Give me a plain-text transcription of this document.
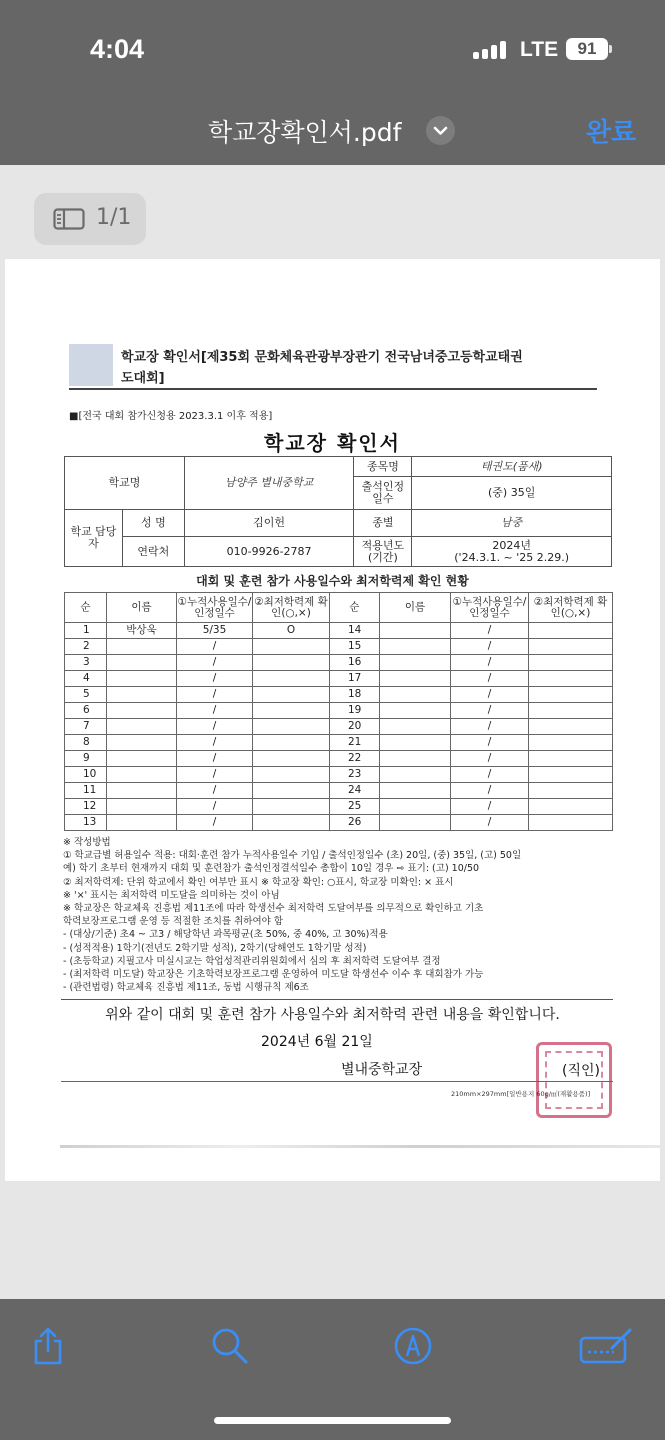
4:04	LTE	91
학교장확인서.pdf	완료
1/1
학교장 확인서[제35회 문화체육관광부장관기 전국남녀중고등학교태권
도대회]
■[전국 대회 참가신청용 2023.3.1 이후 적용]
학교장 확인서
학교명		남양주 별내중학교	종목명	태권도(품새)
			출석인정 일수	(중) 35일
학교 담당자	성 명	김이헌	종별	남중
	연락처	010-9926-2787	적용년도 (기간)	2024년
('24.3.1. ~ '25 2.29.)
대회 및 훈련 참가 사용일수와 최저학력제 확인 현황
순	이름	①누적사용일수/인정일수	②최저학력제 확인(○,×)	순	이름	①누적사용일수/인정일수	②최저학력제 확인(○,×)
1	박상욱	5/35	O	14		/	
2		/		15		/	
3		/		16		/	
4		/		17		/	
5		/		18		/	
6		/		19		/	
7		/		20		/	
8		/		21		/	
9		/		22		/	
10		/		23		/	
11		/		24		/	
12		/		25		/	
13		/		26		/	
※ 작성방법
① 학교급별 허용일수 적용: 대회·훈련 참가 누적사용일수 기입 / 출석인정일수 (초) 20일, (중) 35일, (고) 50일
예) 학기 초부터 현재까지 대회 및 훈련참가 출석인정결석일수 총합이 10일 경우 ⇨ 표기: (고) 10/50
② 최저학력제: 단위 학교에서 확인 여부만 표시 ※ 학교장 확인: ○표시, 학교장 미확인: × 표시
※ '×' 표시는 최저학력 미도달을 의미하는 것이 아님
※ 학교장은 학교체육 진흥법 제11조에 따라 학생선수 최저학력 도달여부를 의무적으로 확인하고 기초
학력보장프로그램 운영 등 적절한 조치를 취하여야 함
- (대상/기준) 초4 ~ 고3 / 해당학년 과목평균(초 50%, 중 40%, 고 30%)적용
- (성적적용) 1학기(전년도 2학기말 성적), 2학기(당해연도 1학기말 성적)
- (초등학교) 지필고사 미실시교는 학업성적관리위원회에서 심의 후 최저학력 도달여부 결정
- (최저학력 미도달) 학교장은 기초학력보장프로그램 운영하여 미도달 학생선수 이수 후 대회참가 가능
- (관련법령) 학교체육 진흥법 제11조, 동법 시행규칙 제6조
위와 같이 대회 및 훈련 참가 사용일수와 최저학력 관련 내용을 확인합니다.
2024년 6월 21일
별내중학교장	(직인)
210mm×297mm[일반용지 60g/㎡(재활용품)]
